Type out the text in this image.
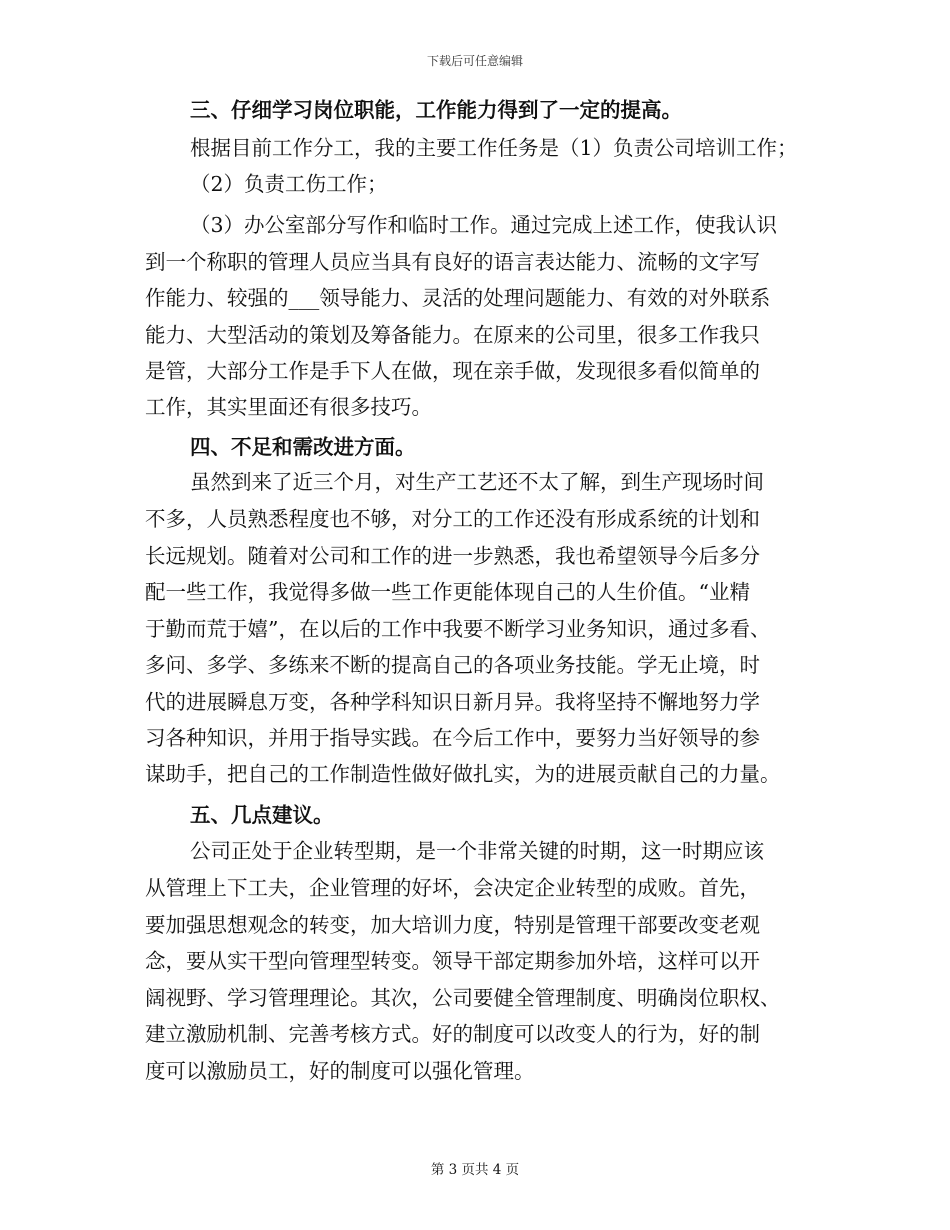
下载后可任意编辑
三、仔细学习岗位职能，工作能力得到了一定的提高。
根据目前工作分工，我的主要工作任务是（1）负责公司培训工作；
（2）负责工伤工作；
（3）办公室部分写作和临时工作。通过完成上述工作，使我认识
到一个称职的管理人员应当具有良好的语言表达能力、流畅的文字写
作能力、较强的___领导能力、灵活的处理问题能力、有效的对外联系
能力、大型活动的策划及筹备能力。在原来的公司里，很多工作我只
是管，大部分工作是手下人在做，现在亲手做，发现很多看似简单的
工作，其实里面还有很多技巧。
四、不足和需改进方面。
虽然到来了近三个月，对生产工艺还不太了解，到生产现场时间
不多，人员熟悉程度也不够，对分工的工作还没有形成系统的计划和
长远规划。随着对公司和工作的进一步熟悉，我也希望领导今后多分
配一些工作，我觉得多做一些工作更能体现自己的人生价值。“业精
于勤而荒于嬉”，在以后的工作中我要不断学习业务知识，通过多看、
多问、多学、多练来不断的提高自己的各项业务技能。学无止境，时
代的进展瞬息万变，各种学科知识日新月异。我将坚持不懈地努力学
习各种知识，并用于指导实践。在今后工作中，要努力当好领导的参
谋助手，把自己的工作制造性做好做扎实，为的进展贡献自己的力量。
五、几点建议。
公司正处于企业转型期，是一个非常关键的时期，这一时期应该
从管理上下工夫，企业管理的好坏，会决定企业转型的成败。首先，
要加强思想观念的转变，加大培训力度，特别是管理干部要改变老观
念，要从实干型向管理型转变。领导干部定期参加外培，这样可以开
阔视野、学习管理理论。其次，公司要健全管理制度、明确岗位职权、
建立激励机制、完善考核方式。好的制度可以改变人的行为，好的制
度可以激励员工，好的制度可以强化管理。
第 3 页共 4 页
